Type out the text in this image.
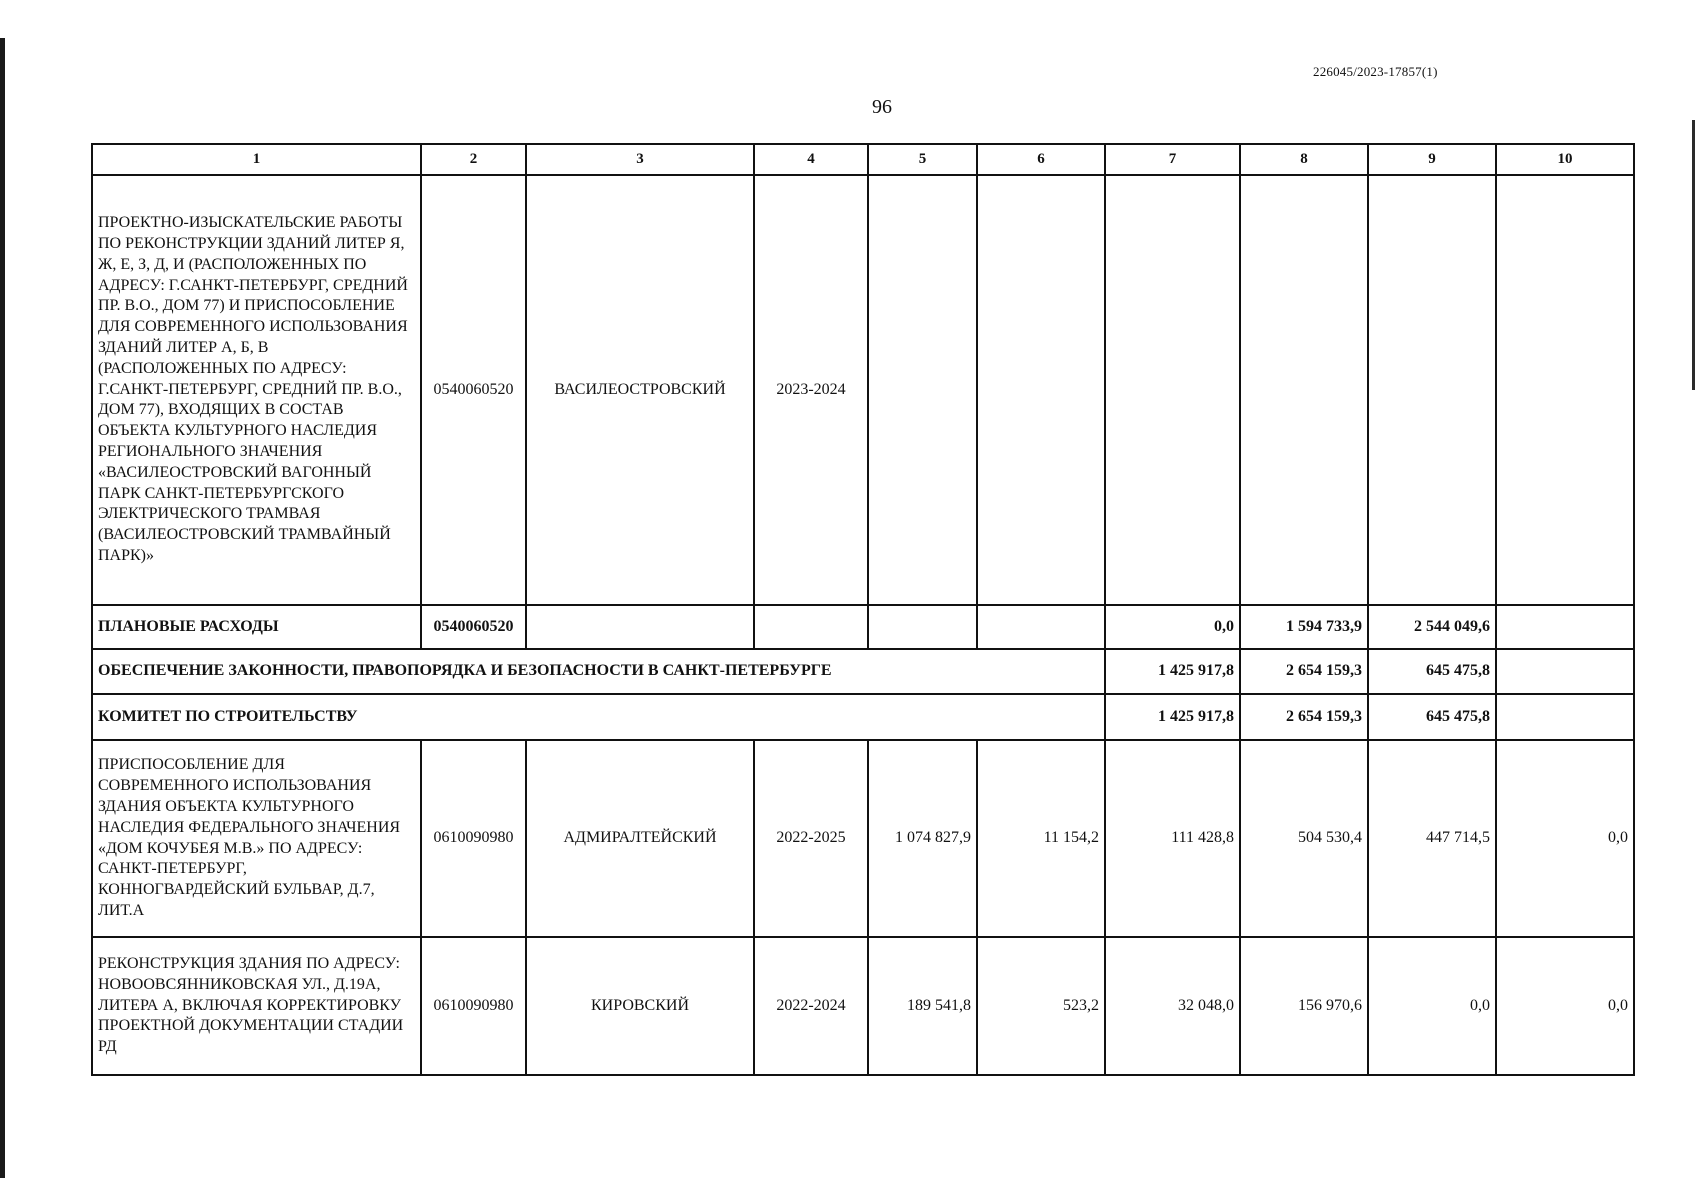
226045/2023-17857(1)
96
1	2	3	4	5	6	7	8	9	10
ПРОЕКТНО-ИЗЫСКАТЕЛЬСКИЕ РАБОТЫ ПО РЕКОНСТРУКЦИИ ЗДАНИЙ ЛИТЕР Я, Ж, Е, З, Д, И (РАСПОЛОЖЕННЫХ ПО АДРЕСУ: Г.САНКТ-ПЕТЕРБУРГ, СРЕДНИЙ ПР. В.О., ДОМ 77) И ПРИСПОСОБЛЕНИЕ ДЛЯ СОВРЕМЕННОГО ИСПОЛЬЗОВАНИЯ ЗДАНИЙ ЛИТЕР А, Б, В (РАСПОЛОЖЕННЫХ ПО АДРЕСУ: Г.САНКТ-ПЕТЕРБУРГ, СРЕДНИЙ ПР. В.О., ДОМ 77), ВХОДЯЩИХ В СОСТАВ ОБЪЕКТА КУЛЬТУРНОГО НАСЛЕДИЯ РЕГИОНАЛЬНОГО ЗНАЧЕНИЯ «ВАСИЛЕОСТРОВСКИЙ ВАГОННЫЙ ПАРК САНКТ-ПЕТЕРБУРГСКОГО ЭЛЕКТРИЧЕСКОГО ТРАМВАЯ (ВАСИЛЕОСТРОВСКИЙ ТРАМВАЙНЫЙ ПАРК)»	0540060520	ВАСИЛЕОСТРОВСКИЙ	2023-2024						
ПЛАНОВЫЕ РАСХОДЫ	0540060520					0,0	1 594 733,9	2 544 049,6	
ОБЕСПЕЧЕНИЕ ЗАКОННОСТИ, ПРАВОПОРЯДКА И БЕЗОПАСНОСТИ В САНКТ-ПЕТЕРБУРГЕ						1 425 917,8	2 654 159,3	645 475,8	
КОМИТЕТ ПО СТРОИТЕЛЬСТВУ						1 425 917,8	2 654 159,3	645 475,8	
ПРИСПОСОБЛЕНИЕ ДЛЯ СОВРЕМЕННОГО ИСПОЛЬЗОВАНИЯ ЗДАНИЯ ОБЪЕКТА КУЛЬТУРНОГО НАСЛЕДИЯ ФЕДЕРАЛЬНОГО ЗНАЧЕНИЯ «ДОМ КОЧУБЕЯ М.В.» ПО АДРЕСУ: САНКТ-ПЕТЕРБУРГ, КОННОГВАРДЕЙСКИЙ БУЛЬВАР, Д.7, ЛИТ.А	0610090980	АДМИРАЛТЕЙСКИЙ	2022-2025	1 074 827,9	11 154,2	111 428,8	504 530,4	447 714,5	0,0
РЕКОНСТРУКЦИЯ ЗДАНИЯ ПО АДРЕСУ: НОВООВСЯННИКОВСКАЯ УЛ., Д.19А, ЛИТЕРА А, ВКЛЮЧАЯ КОРРЕКТИРОВКУ ПРОЕКТНОЙ ДОКУМЕНТАЦИИ СТАДИИ РД	0610090980	КИРОВСКИЙ	2022-2024	189 541,8	523,2	32 048,0	156 970,6	0,0	0,0
